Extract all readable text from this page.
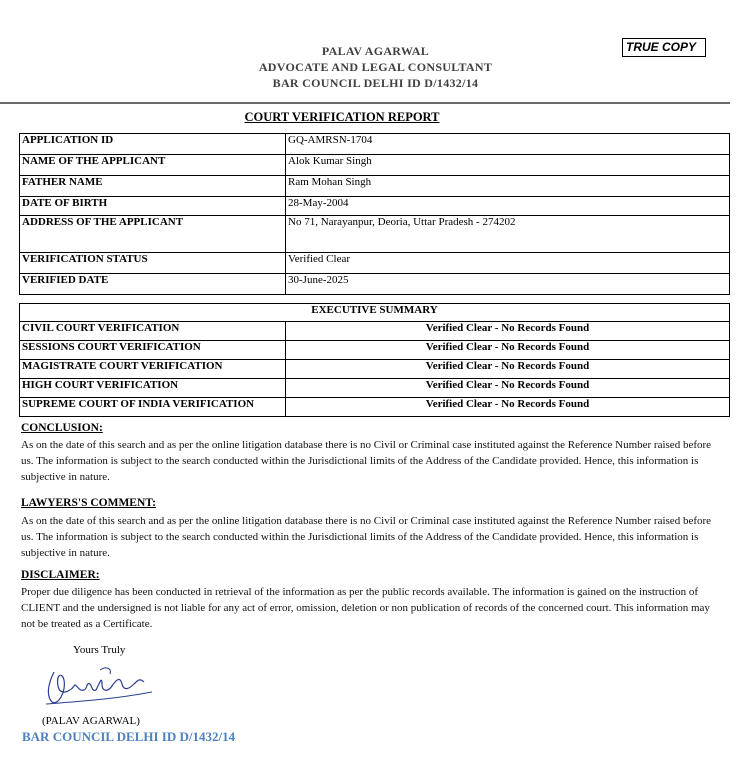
PALAV AGARWAL
ADVOCATE AND LEGAL CONSULTANT
BAR COUNCIL DELHI ID D/1432/14
TRUE COPY
COURT VERIFICATION REPORT
APPLICATION ID	GQ-AMRSN-1704
NAME OF THE APPLICANT	Alok Kumar Singh
FATHER NAME	Ram Mohan Singh
DATE OF BIRTH	28-May-2004
ADDRESS OF THE APPLICANT	No 71, Narayanpur, Deoria, Uttar Pradesh - 274202
VERIFICATION STATUS	Verified Clear
VERIFIED DATE	30-June-2025
EXECUTIVE SUMMARY	
CIVIL COURT VERIFICATION	Verified Clear - No Records Found
SESSIONS COURT VERIFICATION	Verified Clear - No Records Found
MAGISTRATE COURT VERIFICATION	Verified Clear - No Records Found
HIGH COURT VERIFICATION	Verified Clear - No Records Found
SUPREME COURT OF INDIA VERIFICATION	Verified Clear - No Records Found
CONCLUSION:
As on the date of this search and as per the online litigation database there is no Civil or Criminal case instituted against the Reference Number raised before us. The information is subject to the search conducted within the Jurisdictional limits of the Address of the Candidate provided. Hence, this information is subjective in nature.
LAWYERS'S COMMENT:
As on the date of this search and as per the online litigation database there is no Civil or Criminal case instituted against the Reference Number raised before us. The information is subject to the search conducted within the Jurisdictional limits of the Address of the Candidate provided. Hence, this information is subjective in nature.
DISCLAIMER:
Proper due diligence has been conducted in retrieval of the information as per the public records available. The information is gained on the instruction of CLIENT and the undersigned is not liable for any act of error, omission, deletion or non publication of records of the concerned court. This information may not be treated as a Certificate.
Yours Truly
(PALAV AGARWAL)
BAR COUNCIL DELHI ID D/1432/14
